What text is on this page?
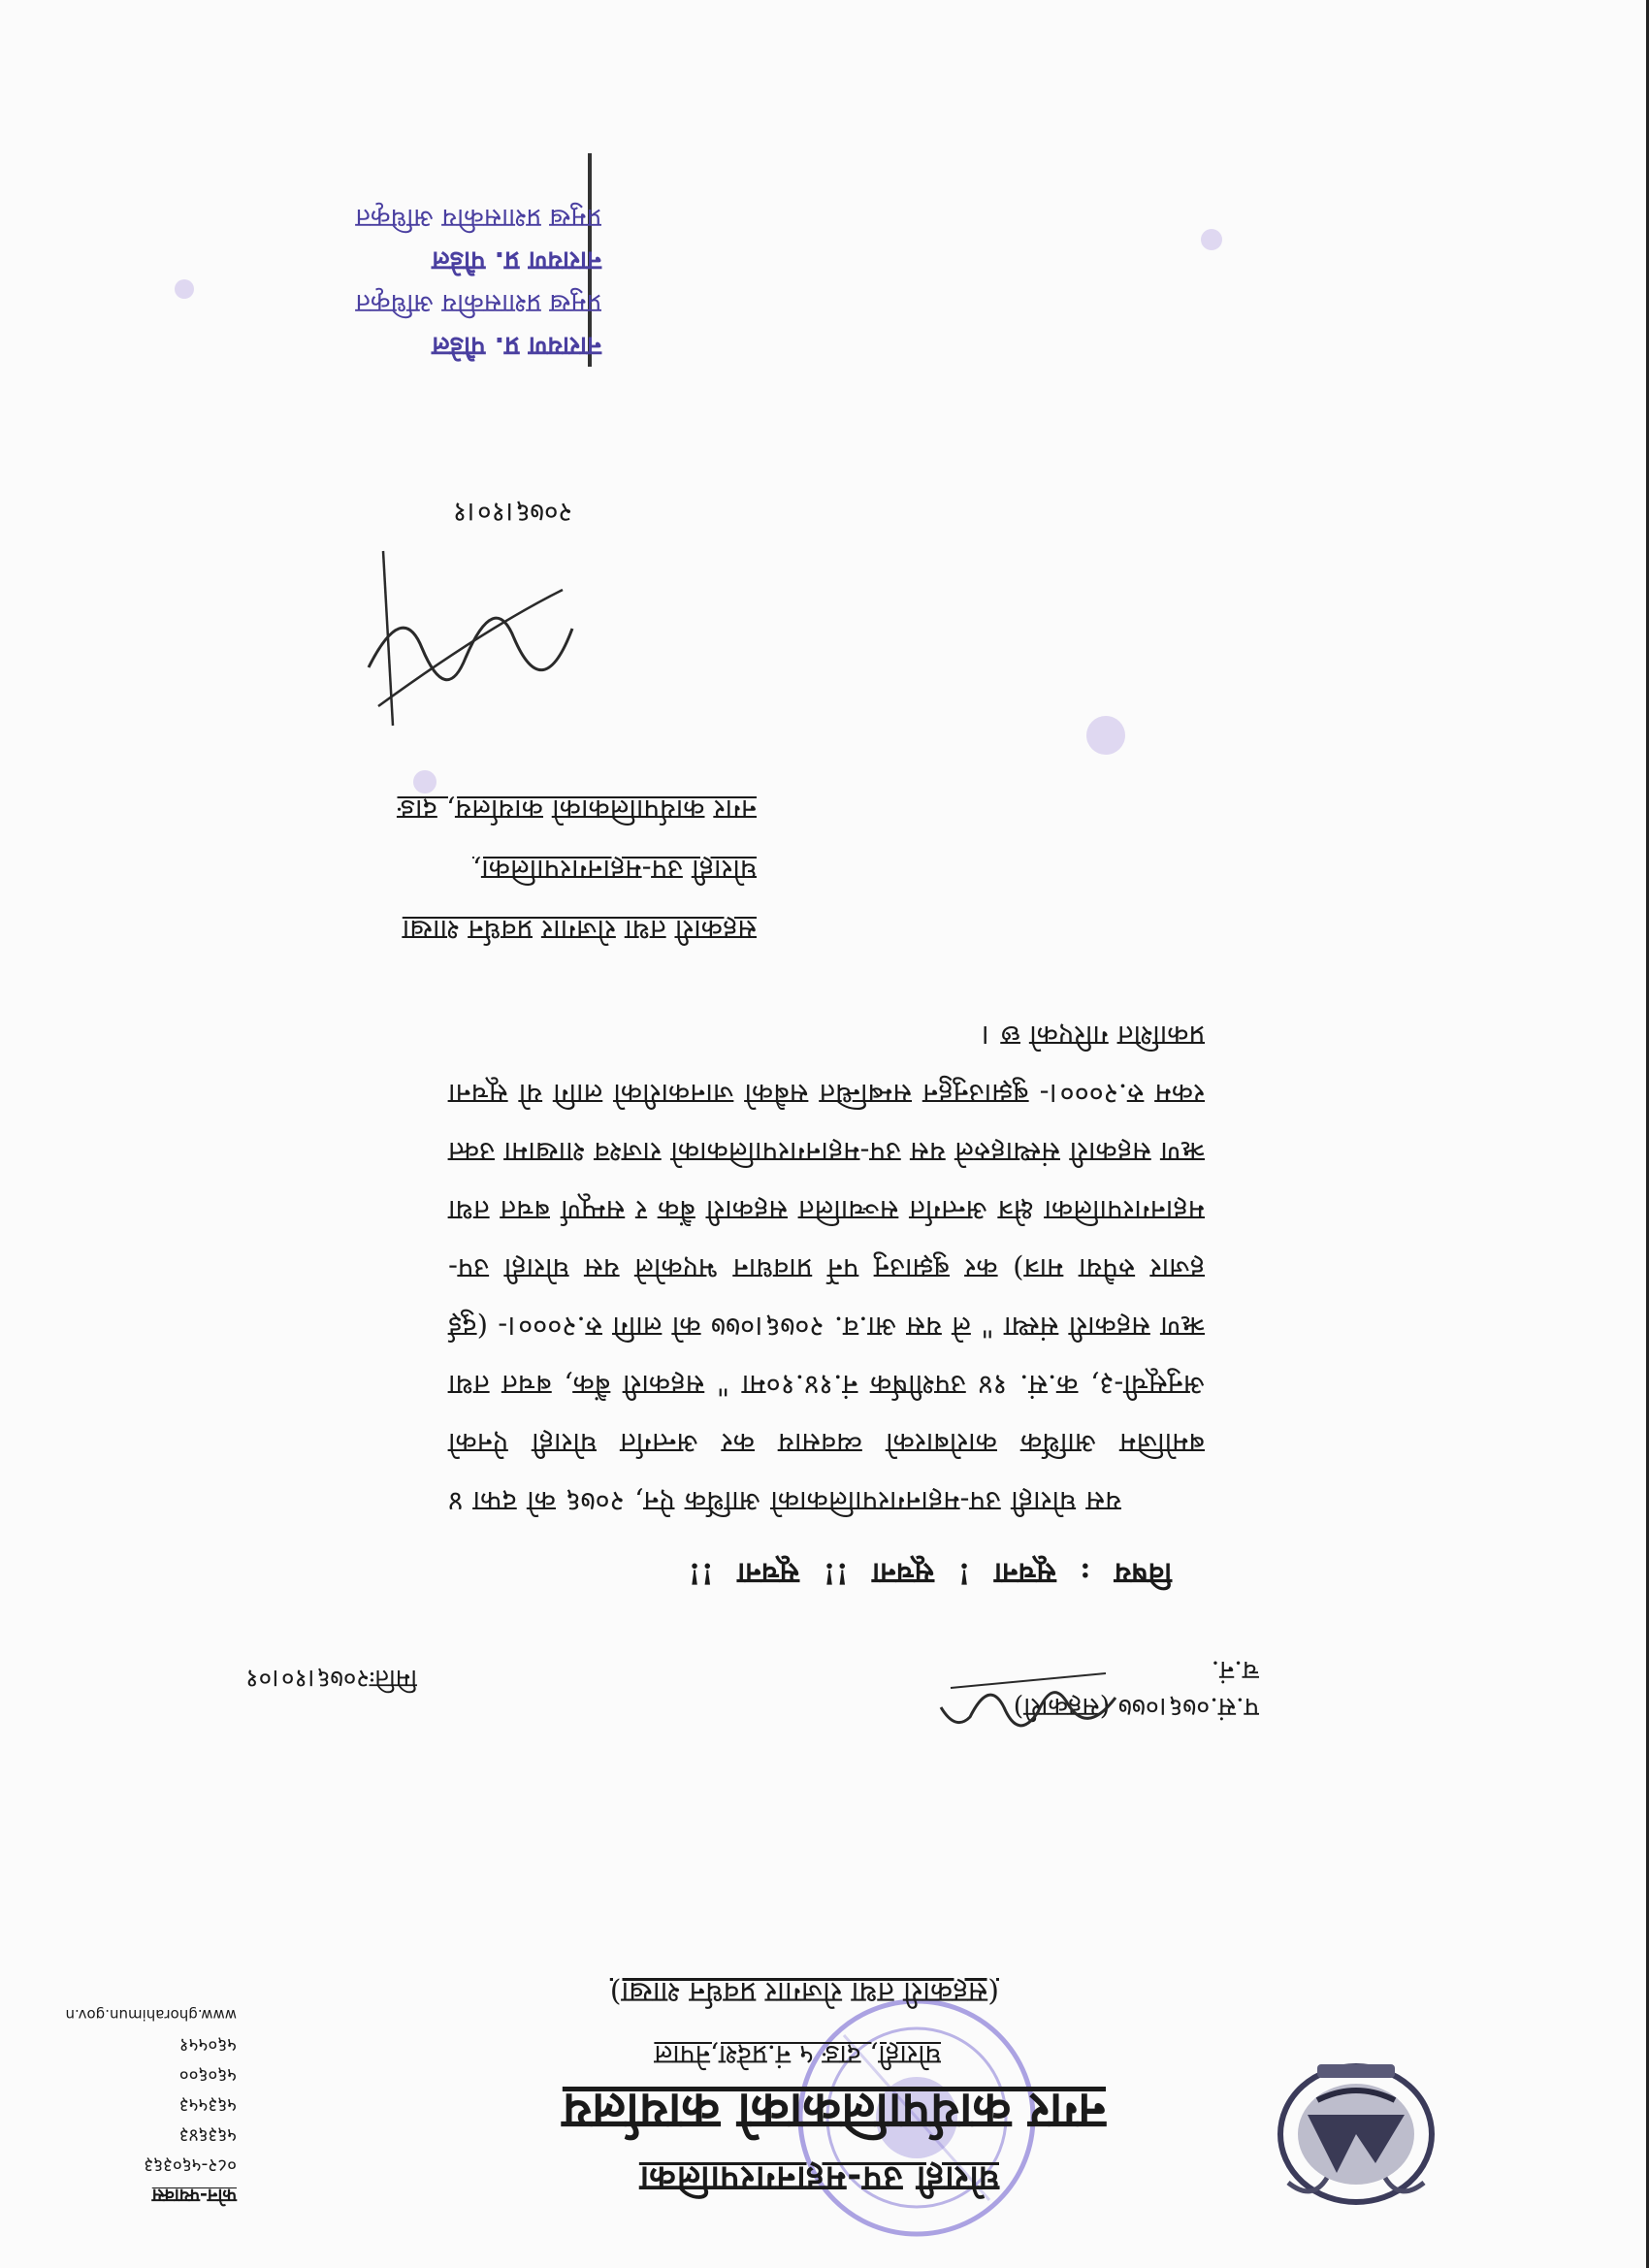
घोराही उप-महानगरपालिका
नगर कार्यपालिकाको कार्यालय
घोराही, दाङ ५ नं.प्रदेश,नेपाल
(सहकारी तथा रोजगार प्रवर्धन शाखा)
फोन-फ्याक्स
०८२-५६०३६३
५६३६४३
५६३५५३
५६०६००
५६०५५१
www.ghorahimun.gov.n
प.सं.०७६।०७७ (सहकारी)
च.नं.
मितिः२०७६।१०।०१
विषय : सूचना ! सूचना !! सूचना !!

यस घोराही उप-महानगरपालिकाको आर्थिक ऐन, २०७६ को दफा ४ बमोजिम आर्थिक कारोबारको व्यवसाय कर अन्तर्गत घोराही ऐनको अनुसूची-३, क.सं. १४ उपशीर्षक नं.१४.१०मा " सहकारी बैंक, बचत तथा ऋण सहकारी संस्था " ले यस आ.व. २०७६।०७७ को लागि रु.२०००।- (दुई हजार रुपैया मात्र) कर बुझाउनु पर्ने प्रावधान भएकोले यस घोराही उप-महानगरपालिका क्षेत्र अन्तर्गत सञ्चालित सहकारी बैंक र सम्पूर्ण बचत तथा ऋण सहकारी संस्थाहरुले यस उप-महानगरपालिकाको राजश्व शाखामा उक्त रकम रु.२०००।- बुझाउनुहुन सम्बन्धित सबैको जानकारीको लागि यो सूचना प्रकाशित गरिएको छ ।

सहकारी तथा रोजगार प्रवर्धन शाखा
घोराही उप-महानगरपालिका,
नगर कार्यपालिकाको कार्यालय, दाङ
२०७६।१०।१
नारायण प्र. पौडेल
प्रमुख प्रशासकीय अधिकृत
नारायण प्र. पौडेल
प्रमुख प्रशासकीय अधिकृत
